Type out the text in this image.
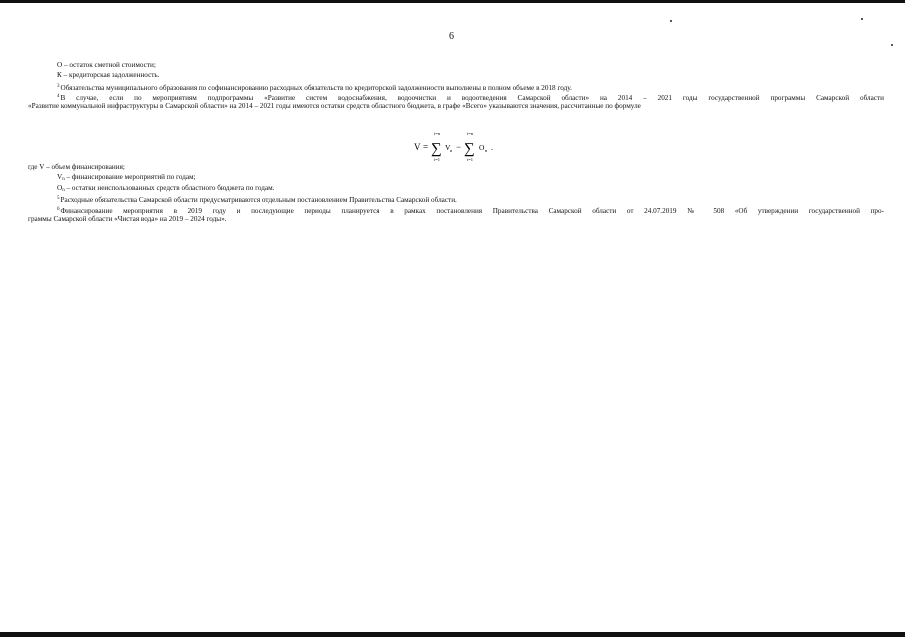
6
О – остаток сметной стоимости;
К – кредиторская задолженность.
$^3$Обязательства муниципального образования по софинансированию расходных обязательств по кредиторской задолженности выполнены в полном объеме в 2018 году.
$^4$В случае, если по мероприятиям подпрограммы «Развитие систем водоснабжения, водоочистки и водоотведения Самарской области» на 2014 – 2021 годы государственной программы Самарской области
«Развитие коммунальной инфраструктуры в Самарской области» на 2014 – 2021 годы имеются остатки средств областного бюджета, в графе «Всего» указываются значения, рассчитанные по формуле
V =
i=n
∑
i=1
V n −
i=n
∑
i=1
O n .
где V – объем финансирования;
$V_n$ – финансирование мероприятий по годам;
$O_n$ – остатки неиспользованных средств областного бюджета по годам.
$^5$Расходные обязательства Самарской области предусматриваются отдельным постановлением Правительства Самарской области.
$^6$Финансирование мероприятия в 2019 году и последующие периоды планируется в рамках постановления Правительства Самарской области от 24.07.2019 № 508 «Об утверждении государственной про-
граммы Самарской области «Чистая вода» на 2019 – 2024 годы».
